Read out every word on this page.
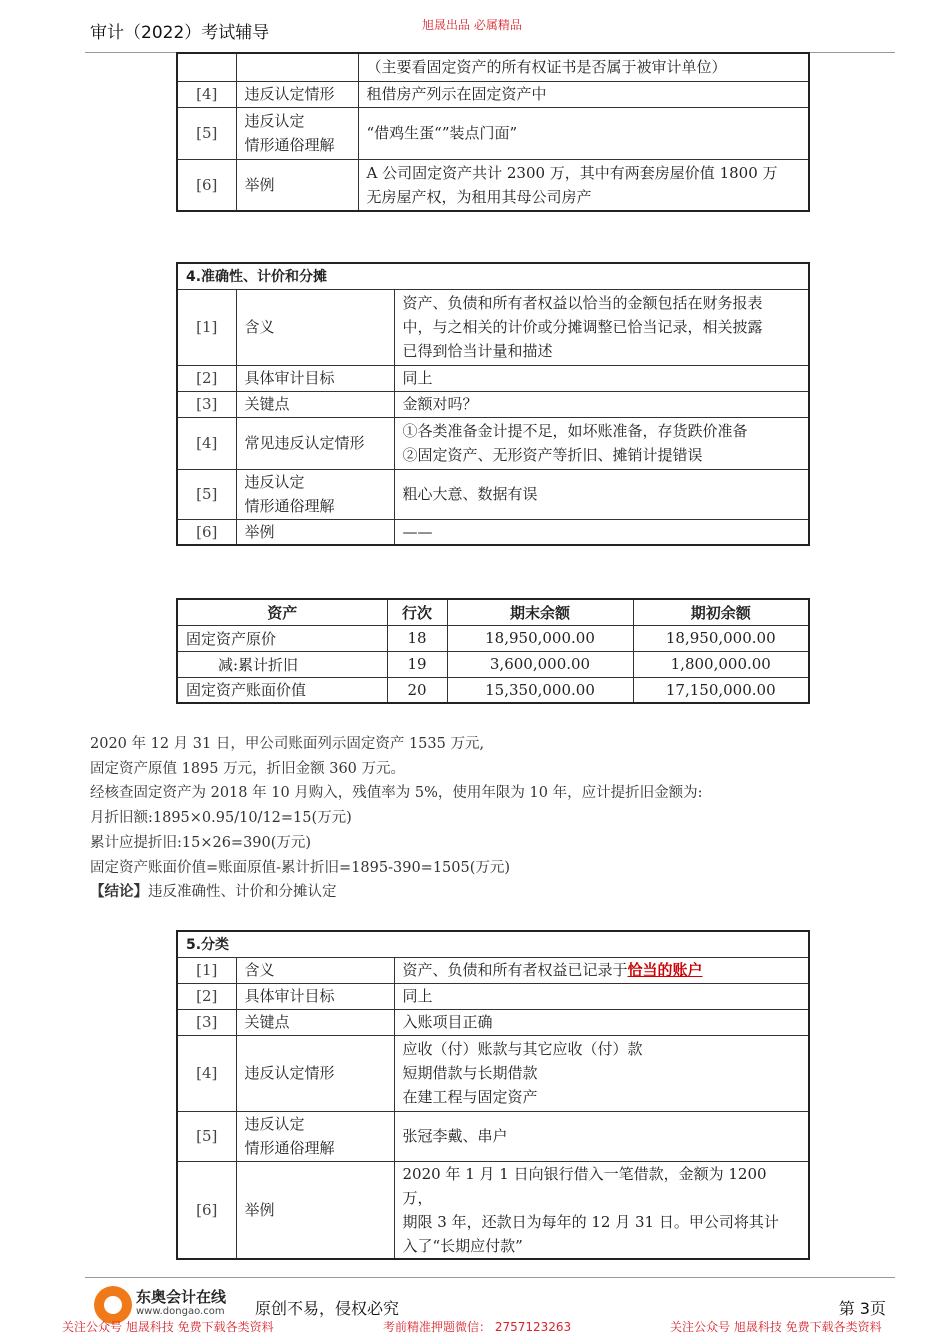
审计（2022）考试辅导	旭晟出品 必属精品
		（主要看固定资产的所有权证书是否属于被审计单位）
[4]	违反认定情形	租借房产列示在固定资产中
[5]	违反认定
情形通俗理解	“借鸡生蛋“”装点门面”
[6]	举例	A 公司固定资产共计 2300 万，其中有两套房屋价值 1800 万
无房屋产权，为租用其母公司房产
4.准确性、计价和分摊		
[1]	含义	资产、负债和所有者权益以恰当的金额包括在财务报表
中，与之相关的计价或分摊调整已恰当记录，相关披露
已得到恰当计量和描述
[2]	具体审计目标	同上
[3]	关键点	金额对吗？
[4]	常见违反认定情形	①各类准备金计提不足，如坏账准备，存货跌价准备
②固定资产、无形资产等折旧、摊销计提错误
[5]	违反认定
情形通俗理解	粗心大意、数据有误
[6]	举例	——
资产	行次	期末余额	期初余额
固定资产原价	18	18,950,000.00	18,950,000.00
减:累计折旧	19	3,600,000.00	1,800,000.00
固定资产账面价值	20	15,350,000.00	17,150,000.00

2020 年 12 月 31 日，甲公司账面列示固定资产 1535 万元,

固定资产原值 1895 万元，折旧金额 360 万元。

经核查固定资产为 2018 年 10 月购入，残值率为 5%，使用年限为 10 年，应计提折旧金额为:

月折旧额:1895×0.95/10/12=15(万元)

累计应提折旧:15×26=390(万元)

固定资产账面价值=账面原值-累计折旧=1895-390=1505(万元)

【结论】违反准确性、计价和分摊认定

5.分类		
[1]	含义	资产、负债和所有者权益已记录于恰当的账户
[2]	具体审计目标	同上
[3]	关键点	入账项目正确
[4]	违反认定情形	应收（付）账款与其它应收（付）款
短期借款与长期借款
在建工程与固定资产
[5]	违反认定
情形通俗理解	张冠李戴、串户
[6]	举例	2020 年 1 月 1 日向银行借入一笔借款，金额为 1200 万，
期限 3 年，还款日为每年的 12 月 31 日。甲公司将其计
入了“长期应付款”
东奥会计在线
www.dongao.com 原创不易，侵权必究	第 3页
关注公众号 旭晟科技 免费下载各类资料	考前精准押题微信： 2757123263	关注公众号 旭晟科技 免费下载各类资料
